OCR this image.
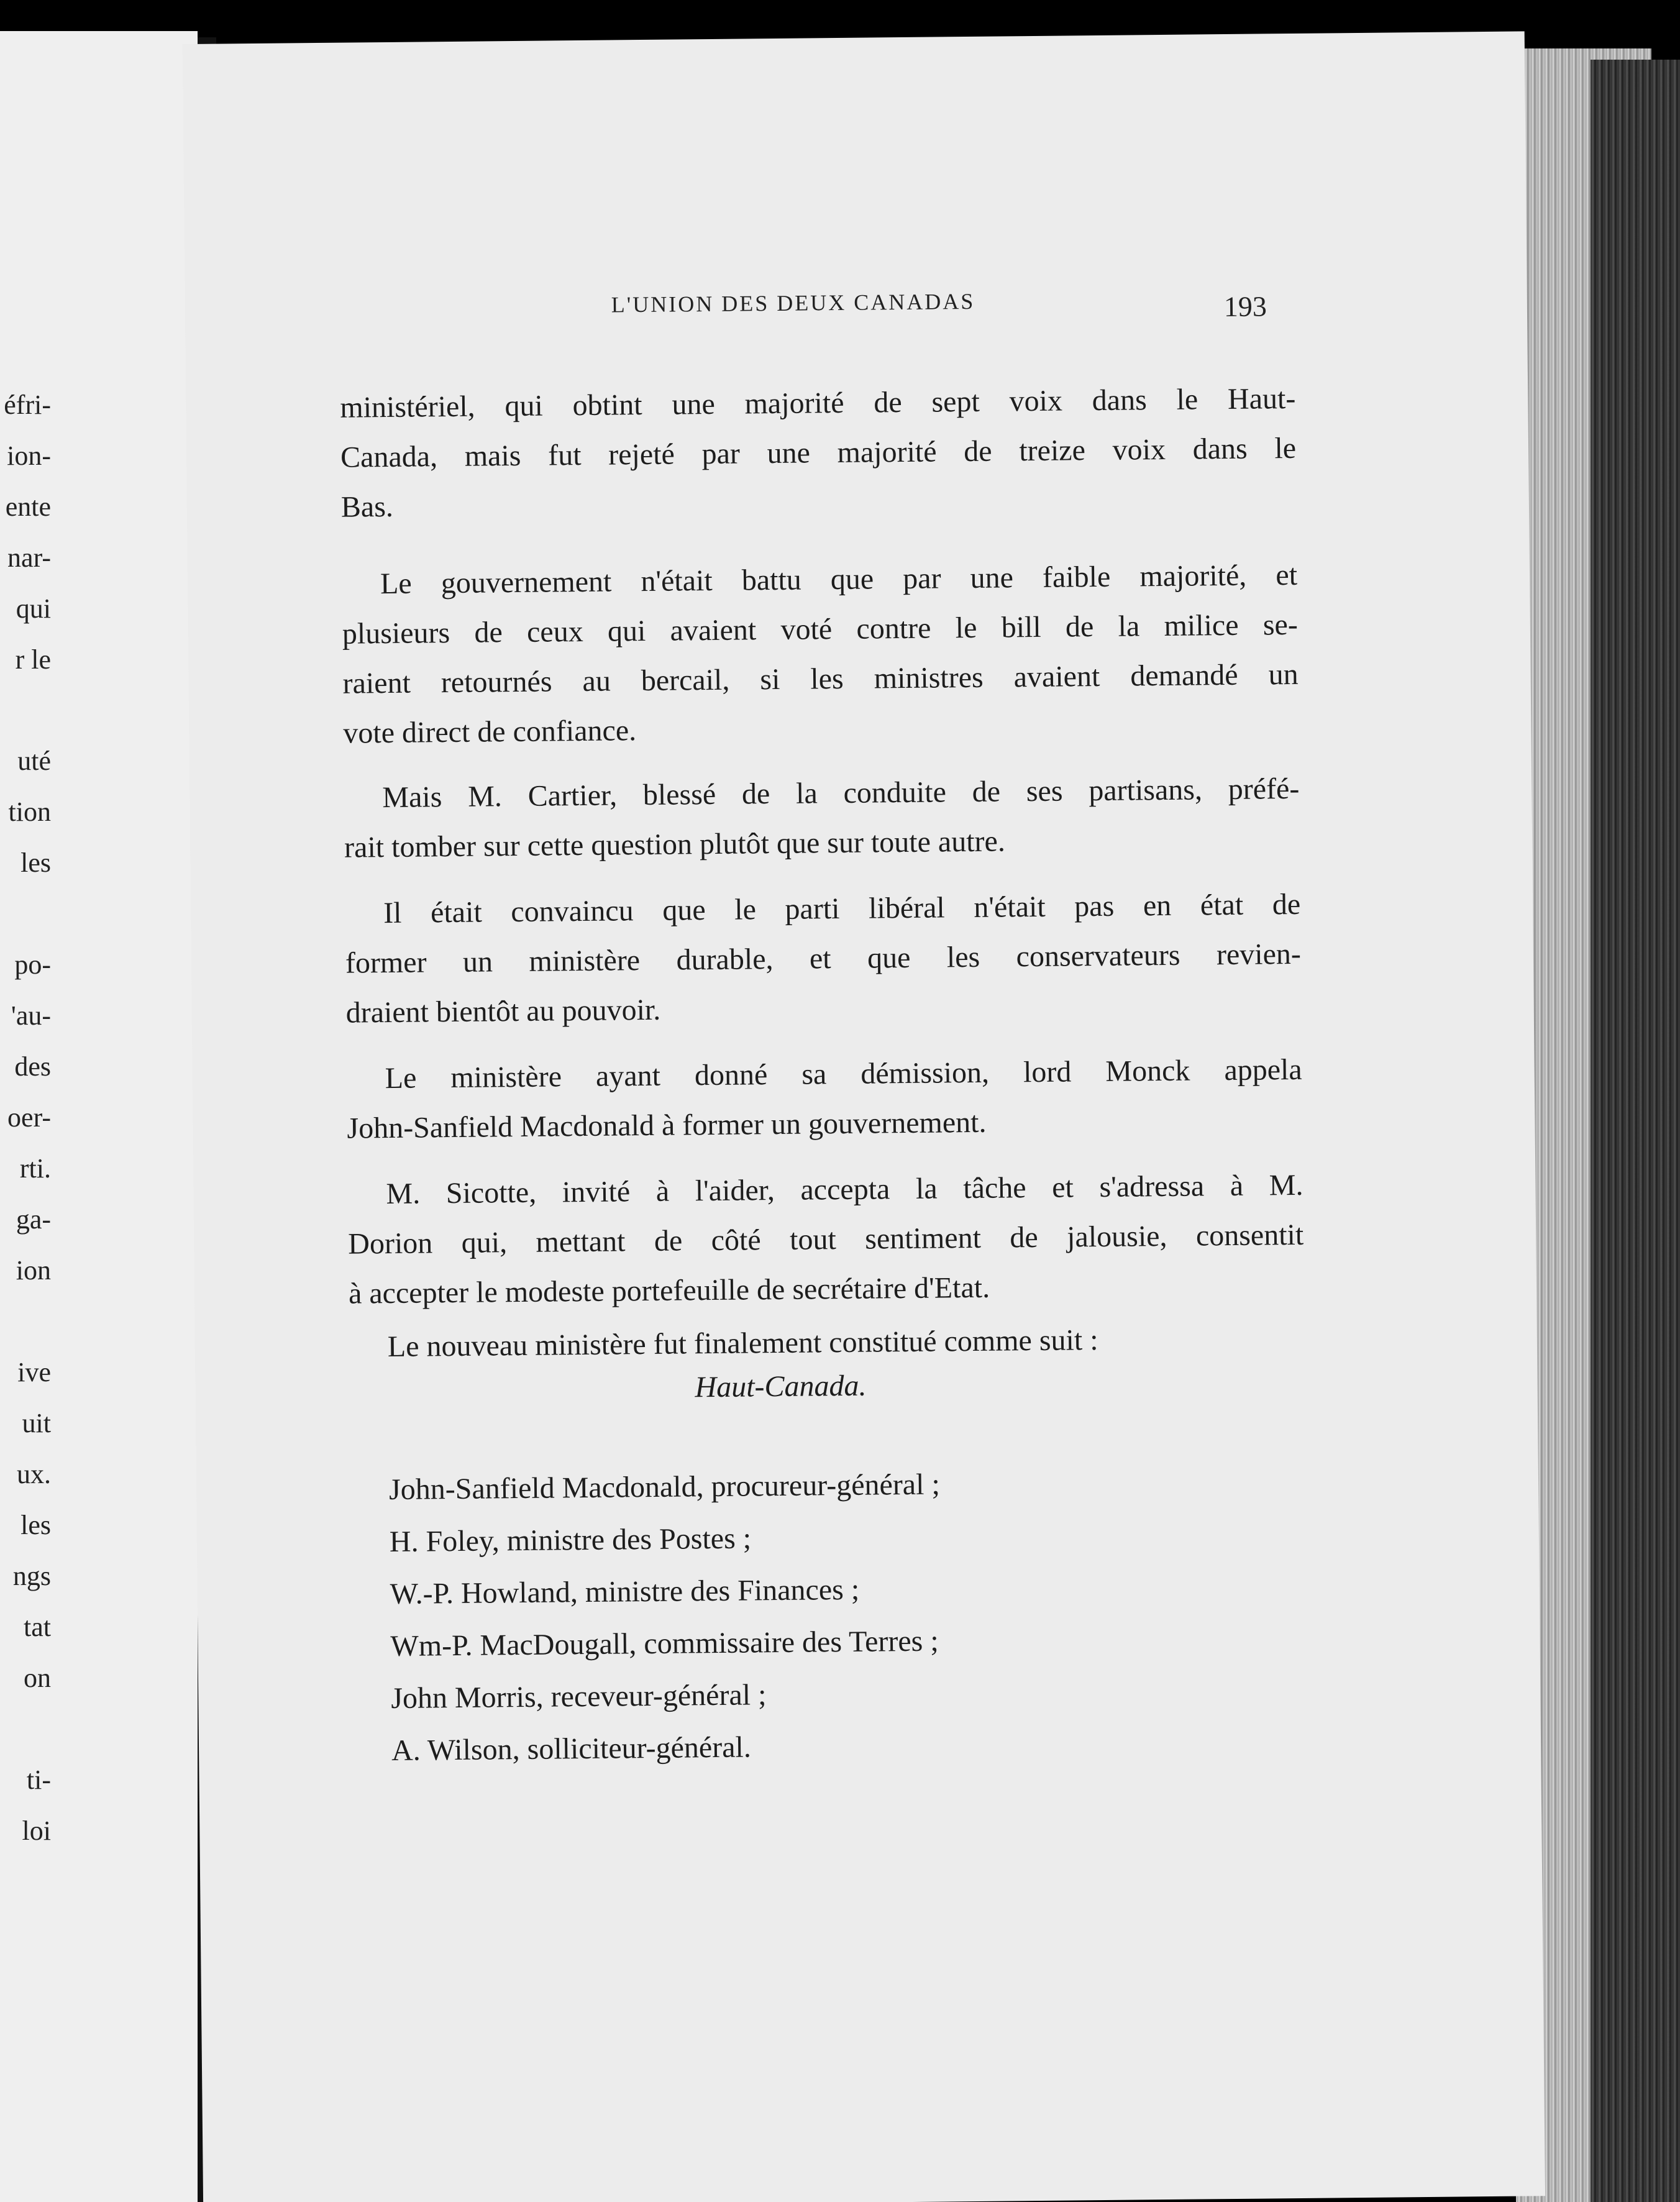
éfri-

ion-

ente

nar-

qui

r le

uté

tion

les

po-

'au-

des

oer-

rti.

ga-

ion

ive

uit

ux.

les

ngs

tat

on

ti-

loi

L'UNION DES DEUX CANADAS	193

ministériel, qui obtint une majorité de sept voix dans le Haut-

Canada, mais fut rejeté par une majorité de treize voix dans le

Bas.

Le gouvernement n'était battu que par une faible majorité, et

plusieurs de ceux qui avaient voté contre le bill de la milice se-

raient retournés au bercail, si les ministres avaient demandé un

vote direct de confiance.

Mais M. Cartier, blessé de la conduite de ses partisans, préfé-

rait tomber sur cette question plutôt que sur toute autre.

Il était convaincu que le parti libéral n'était pas en état de

former un ministère durable, et que les conservateurs revien-

draient bientôt au pouvoir.

Le ministère ayant donné sa démission, lord Monck appela

John-Sanfield Macdonald à former un gouvernement.

M. Sicotte, invité à l'aider, accepta la tâche et s'adressa à M.

Dorion qui, mettant de côté tout sentiment de jalousie, consentit

à accepter le modeste portefeuille de secrétaire d'Etat.

Le nouveau ministère fut finalement constitué comme suit :

Haut-Canada.

John-Sanfield Macdonald, procureur-général ;

H. Foley, ministre des Postes ;

W.-P. Howland, ministre des Finances ;

Wm-P. MacDougall, commissaire des Terres ;

John Morris, receveur-général ;

A. Wilson, solliciteur-général.
